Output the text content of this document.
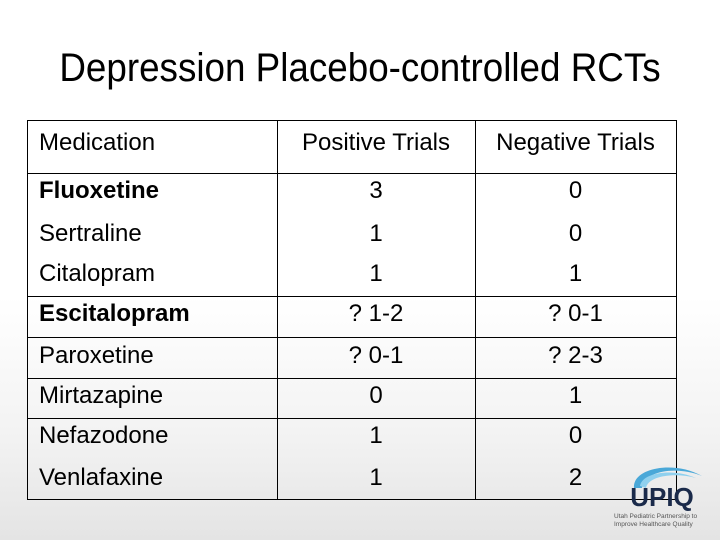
Depression Placebo-controlled RCTs
Medication	Positive Trials	Negative Trials
Fluoxetine	3	0
Sertraline	1	0
Citalopram	1	1
Escitalopram	? 1-2	? 0-1
Paroxetine	? 0-1	? 2-3
Mirtazapine	0	1
Nefazodone	1	0
Venlafaxine	1	2
UPIQ
Utah Pediatric Partnership to
Improve Healthcare Quality
